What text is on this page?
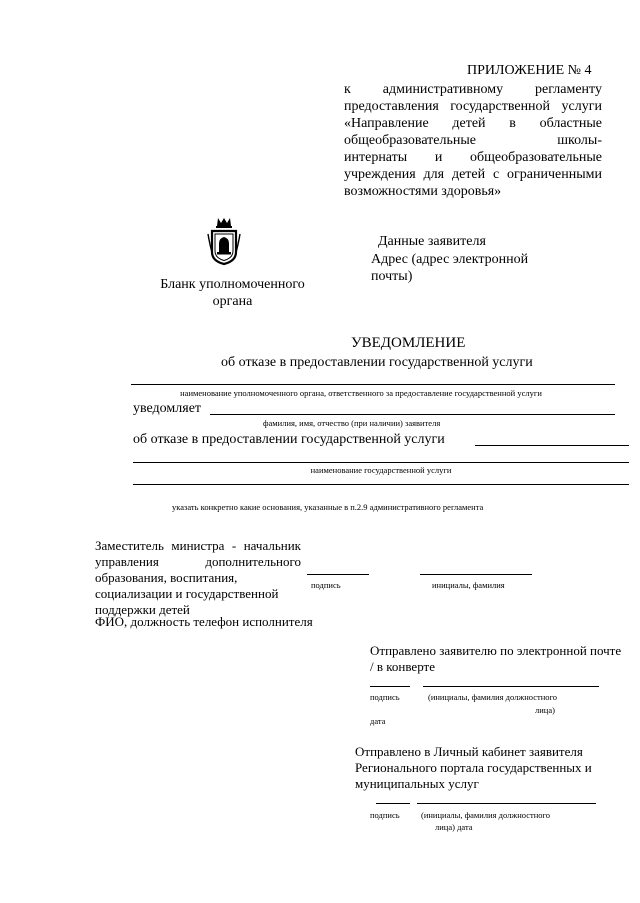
ПРИЛОЖЕНИЕ № 4
к административному регламенту
предоставления государственной услуги
«Направление детей в областные
общеобразовательные школы-
интернаты и общеобразовательные
учреждения для детей с ограниченными
возможностями здоровья»
Бланк уполномоченного
органа
Данные заявителя
Адрес (адрес электронной
почты)
УВЕДОМЛЕНИЕ
об отказе в предоставлении государственной услуги
наименование уполномоченного органа, ответственного за предоставление государственной услуги
уведомляет
фамилия, имя, отчество (при наличии) заявителя
об отказе в предоставлении государственной услуги
наименование государственной услуги
указать конкретно какие основания, указанные в п.2.9 административного регламента
Заместитель министра - начальник
управления дополнительного
образования, воспитания,
социализации и государственной
поддержки детей
ФИО, должность телефон исполнителя
подпись	инициалы, фамилия
Отправлено заявителю по электронной почте
/ в конверте
подпись	(инициалы, фамилия должностного
лица)
дата
Отправлено в Личный кабинет заявителя
Регионального портала государственных и
муниципальных услуг
подпись	(инициалы, фамилия должностного
лица) дата
